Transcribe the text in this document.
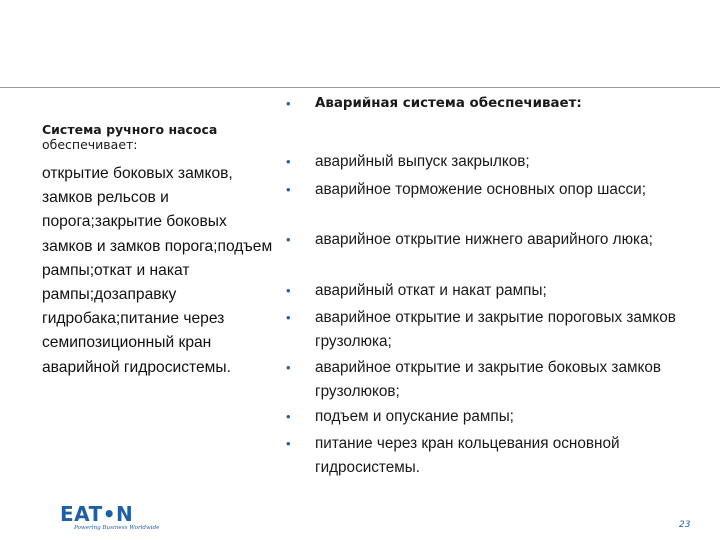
Система ручного насоса обеспечивает:
открытие боковых замков, замков рельсов и порога;закрытие боковых замков и замков порога;подъем рампы;откат и накат рампы;дозаправку гидробака;питание через семипозиционный кран аварийной гидросистемы.
• Аварийная система обеспечивает:
• аварийный выпуск закрылков;
• аварийное торможение основных опор шасси;
• аварийное открытие нижнего аварийного люка;
• аварийный откат и накат рампы;
• аварийное открытие и закрытие пороговых замков грузолюка;
• аварийное открытие и закрытие боковых замков грузолюков;
• подъем и опускание рампы;
• питание через кран кольцевания основной гидросистемы.
EAT•N
Powering Business Worldwide	23
